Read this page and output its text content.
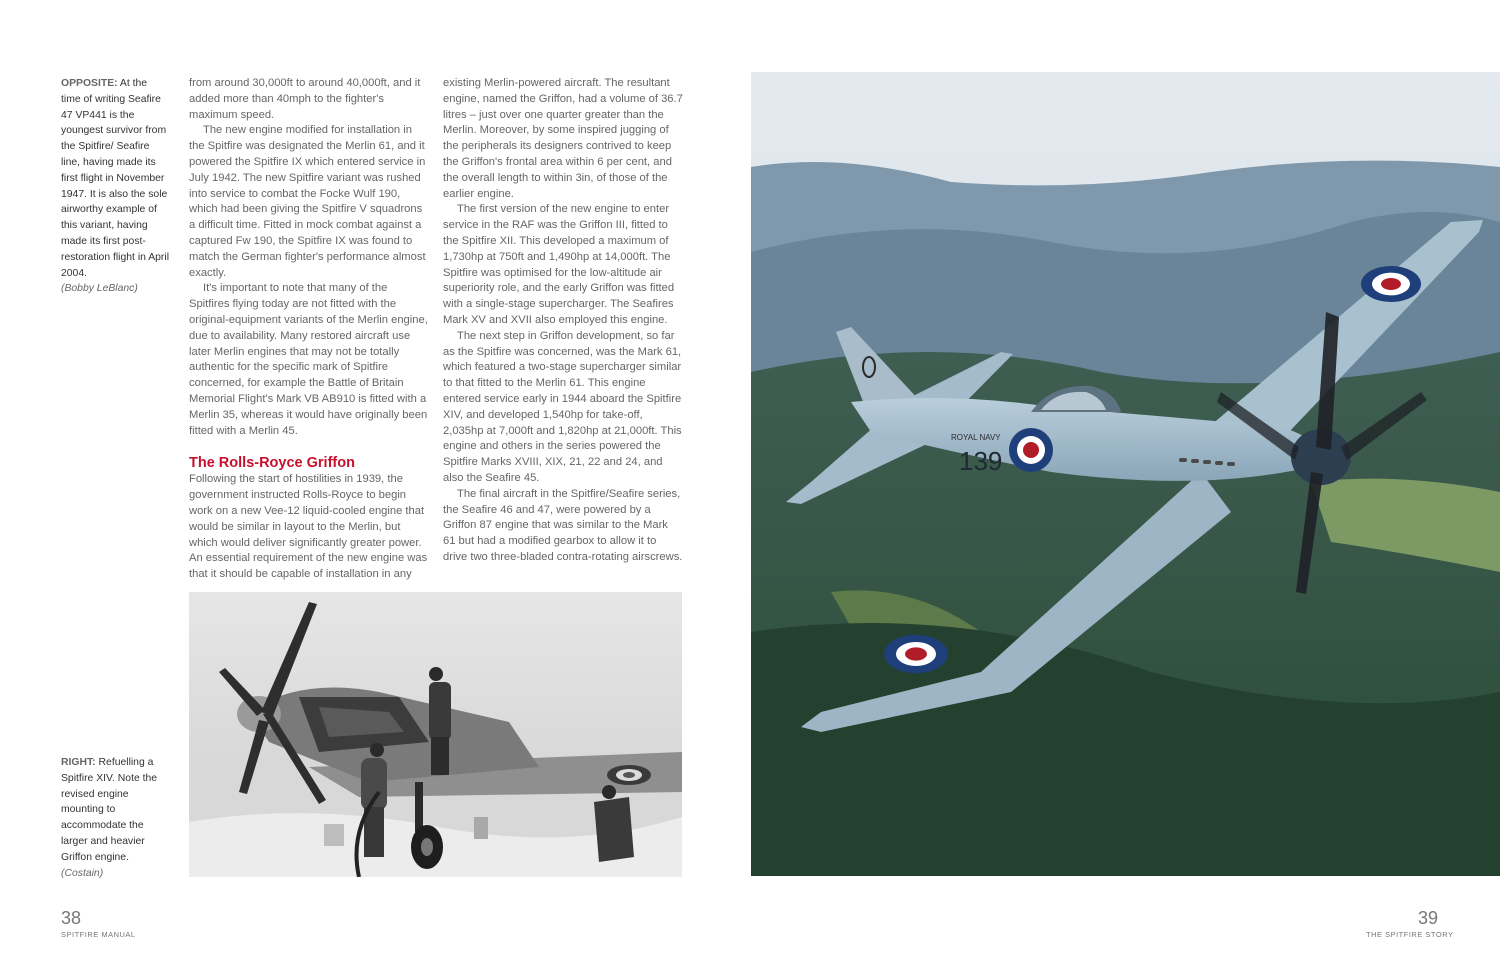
OPPOSITE: At the time of writing Seafire 47 VP441 is the youngest survivor from the Spitfire/ Seafire line, having made its first flight in November 1947. It is also the sole airworthy example of this variant, having made its first post-restoration flight in April 2004.
(Bobby LeBlanc)

from around 30,000ft to around 40,000ft, and it added more than 40mph to the fighter's maximum speed.

The new engine modified for installation in the Spitfire was designated the Merlin 61, and it powered the Spitfire IX which entered service in July 1942. The new Spitfire variant was rushed into service to combat the Focke Wulf 190, which had been giving the Spitfire V squadrons a difficult time. Fitted in mock combat against a captured Fw 190, the Spitfire IX was found to match the German fighter's performance almost exactly.

It's important to note that many of the Spitfires flying today are not fitted with the original-equipment variants of the Merlin engine, due to availability. Many restored aircraft use later Merlin engines that may not be totally authentic for the specific mark of Spitfire concerned, for example the Battle of Britain Memorial Flight's Mark VB AB910 is fitted with a Merlin 35, whereas it would have originally been fitted with a Merlin 45.

The Rolls-Royce Griffon

Following the start of hostilities in 1939, the government instructed Rolls-Royce to begin work on a new Vee-12 liquid-cooled engine that would be similar in layout to the Merlin, but which would deliver significantly greater power. An essential requirement of the new engine was that it should be capable of installation in any

existing Merlin-powered aircraft. The resultant engine, named the Griffon, had a volume of 36.7 litres – just over one quarter greater than the Merlin. Moreover, by some inspired jugging of the peripherals its designers contrived to keep the Griffon's frontal area within 6 per cent, and the overall length to within 3in, of those of the earlier engine.

The first version of the new engine to enter service in the RAF was the Griffon III, fitted to the Spitfire XII. This developed a maximum of 1,730hp at 750ft and 1,490hp at 14,000ft. The Spitfire was optimised for the low-altitude air superiority role, and the early Griffon was fitted with a single-stage supercharger. The Seafires Mark XV and XVII also employed this engine.

The next step in Griffon development, so far as the Spitfire was concerned, was the Mark 61, which featured a two-stage supercharger similar to that fitted to the Merlin 61. This engine entered service early in 1944 aboard the Spitfire XIV, and developed 1,540hp for take-off, 2,035hp at 7,000ft and 1,820hp at 21,000ft. This engine and others in the series powered the Spitfire Marks XVIII, XIX, 21, 22 and 24, and also the Seafire 45.

The final aircraft in the Spitfire/Seafire series, the Seafire 46 and 47, were powered by a Griffon 87 engine that was similar to the Mark 61 but had a modified gearbox to allow it to drive two three-bladed contra-rotating airscrews.

RIGHT: Refuelling a Spitfire XIV. Note the revised engine mounting to accommodate the larger and heavier Griffon engine.
(Costain)
38
SPITFIRE MANUAL
ROYAL NAVY
139
39
THE SPITFIRE STORY
